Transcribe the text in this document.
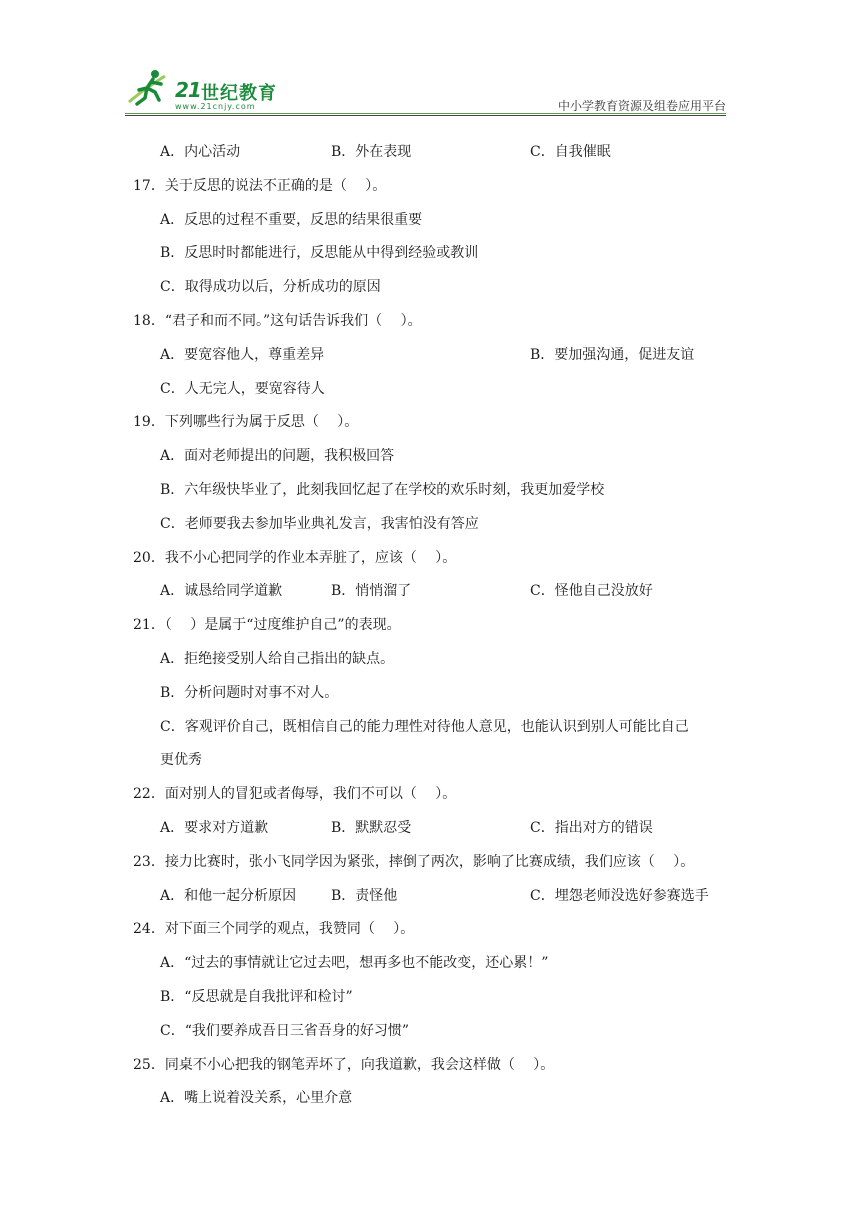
21 世纪教育
www.21cnjy.com	中小学教育资源及组卷应用平台
A．内心活动	B．外在表现	C．自我催眠
17．关于反思的说法不正确的是（　 ）。
A．反思的过程不重要，反思的结果很重要
B．反思时时都能进行，反思能从中得到经验或教训
C．取得成功以后，分析成功的原因
18．“君子和而不同。”这句话告诉我们（　 ）。
A．要宽容他人，尊重差异	B．要加强沟通，促进友谊
C．人无完人，要宽容待人
19．下列哪些行为属于反思（　 ）。
A．面对老师提出的问题，我积极回答
B．六年级快毕业了，此刻我回忆起了在学校的欢乐时刻，我更加爱学校
C．老师要我去参加毕业典礼发言，我害怕没有答应
20．我不小心把同学的作业本弄脏了，应该（　 ）。
A．诚恳给同学道歉	B．悄悄溜了	C．怪他自己没放好
21．（　 ）是属于“过度维护自己”的表现。
A．拒绝接受别人给自己指出的缺点。
B．分析问题时对事不对人。
C．客观评价自己，既相信自己的能力理性对待他人意见，也能认识到别人可能比自己
更优秀
22．面对别人的冒犯或者侮辱，我们不可以（　 ）。
A．要求对方道歉	B．默默忍受	C．指出对方的错误
23．接力比赛时，张小飞同学因为紧张，摔倒了两次，影响了比赛成绩，我们应该（　 ）。
A．和他一起分析原因 B．责怪他	C．埋怨老师没选好参赛选手
24．对下面三个同学的观点，我赞同（　 ）。
A．“过去的事情就让它过去吧，想再多也不能改变，还心累！”
B．“反思就是自我批评和检讨”
C．“我们要养成吾日三省吾身的好习惯”
25．同桌不小心把我的钢笔弄坏了，向我道歉，我会这样做（　 ）。
A．嘴上说着没关系，心里介意
